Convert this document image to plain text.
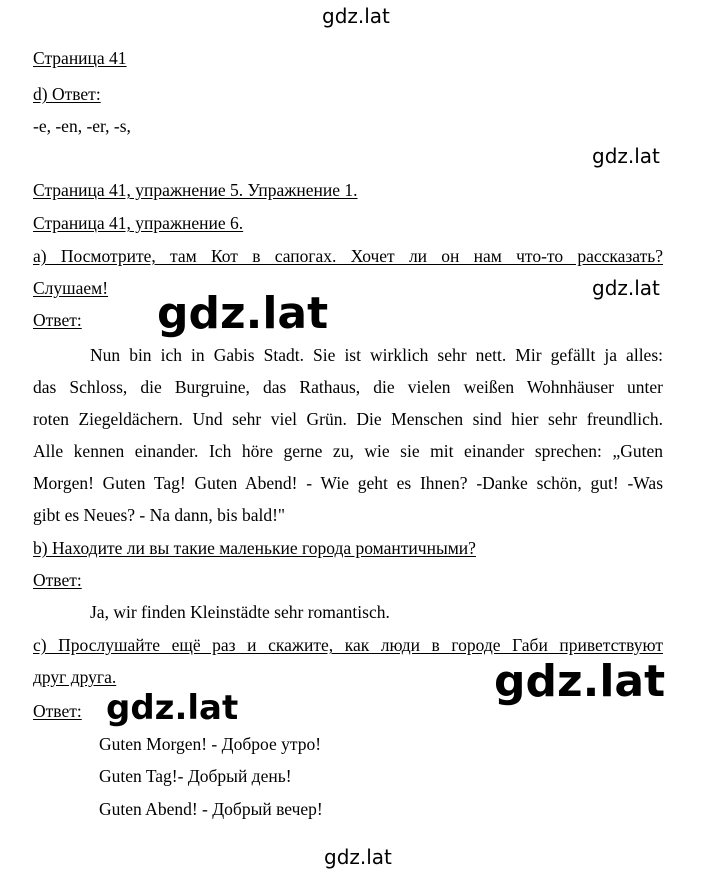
gdz.lat
gdz.lat
gdz.lat
gdz.lat
gdz.lat
gdz.lat
gdz.lat
Страница 41
d) Ответ:
-e, -en, -er, -s,
Страница 41, упражнение 5. Упражнение 1.
Страница 41, упражнение 6.
a) Посмотрите, там Кот в сапогах. Хочет ли он нам что-то рассказать?
Слушаем!
Ответ:
Nun bin ich in Gabis Stadt. Sie ist wirklich sehr nett. Mir gefällt ja alles:
das Schloss, die Burgruine, das Rathaus, die vielen weißen Wohnhäuser unter
roten Ziegeldächern. Und sehr viel Grün. Die Menschen sind hier sehr freundlich.
Alle kennen einander. Ich höre gerne zu, wie sie mit einander sprechen: „Guten
Morgen! Guten Tag! Guten Abend! - Wie geht es Ihnen? -Danke schön, gut! -Was
gibt es Neues? - Na dann, bis bald!"
b) Находите ли вы такие маленькие города романтичными?
Ответ:
Ja, wir finden Kleinstädte sehr romantisch.
c) Прослушайте ещё раз и скажите, как люди в городе Габи приветствуют
друг друга.
Ответ:
Guten Morgen! - Доброе утро!
Guten Tag!- Добрый день!
Guten Abend! - Добрый вечер!
